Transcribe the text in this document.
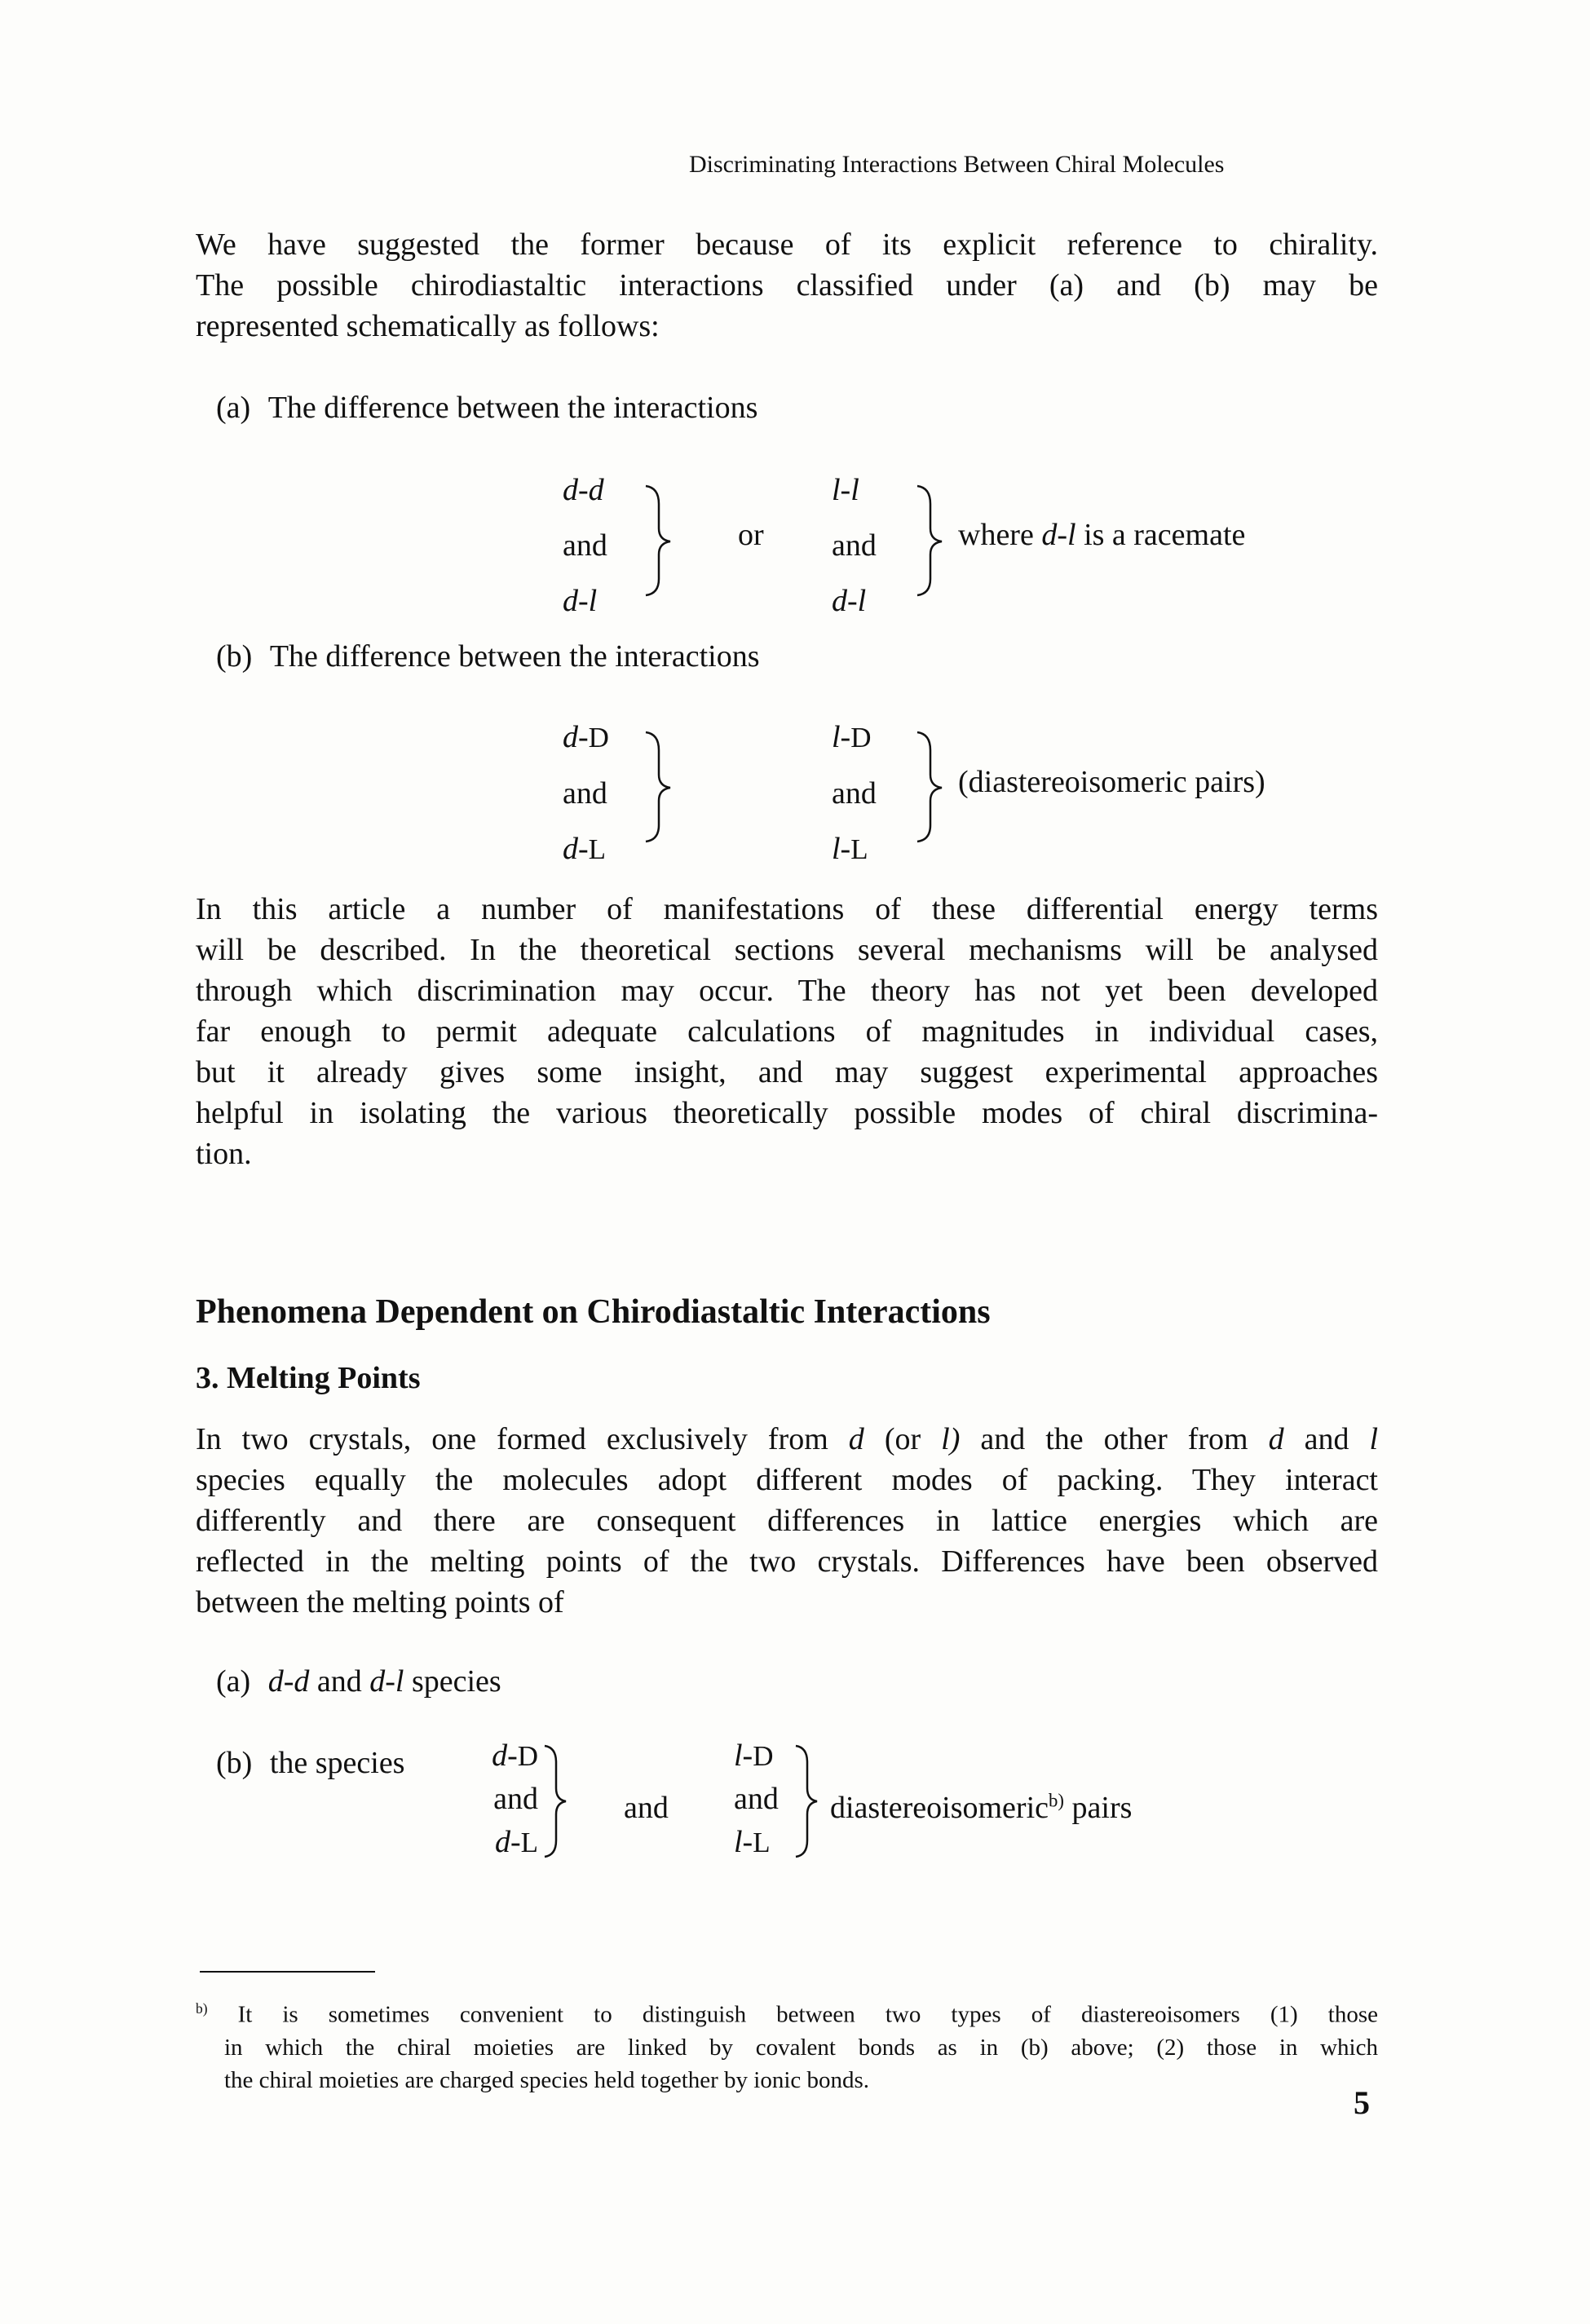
Discriminating Interactions Between Chiral Molecules
We have suggested the former because of its explicit reference to chirality.
The possible chirodiastaltic interactions classified under (a) and (b) may be
represented schematically as follows:
(a) The difference between the interactions
d-d
and
d-l
or
l-l
and
d-l
where d-l is a racemate
(b) The difference between the interactions
d-D
and
d-L
l-D
and
l-L
(diastereoisomeric pairs)
In this article a number of manifestations of these differential energy terms
will be described. In the theoretical sections several mechanisms will be analysed
through which discrimination may occur. The theory has not yet been developed
far enough to permit adequate calculations of magnitudes in individual cases,
but it already gives some insight, and may suggest experimental approaches
helpful in isolating the various theoretically possible modes of chiral discrimina-
tion.
Phenomena Dependent on Chirodiastaltic Interactions
3. Melting Points
In two crystals, one formed exclusively from d (or l) and the other from d and l
species equally the molecules adopt different modes of packing. They interact
differently and there are consequent differences in lattice energies which are
reflected in the melting points of the two crystals. Differences have been observed
between the melting points of
(a) d-d and d-l species
(b) the species	d-D
and
d-L
and
l-D
and
l-L
diastereoisomeric$^{b)}$ pairs
$^{b)}$ It is sometimes convenient to distinguish between two types of diastereoisomers (1) those
in which the chiral moieties are linked by covalent bonds as in (b) above; (2) those in which
the chiral moieties are charged species held together by ionic bonds.
5
